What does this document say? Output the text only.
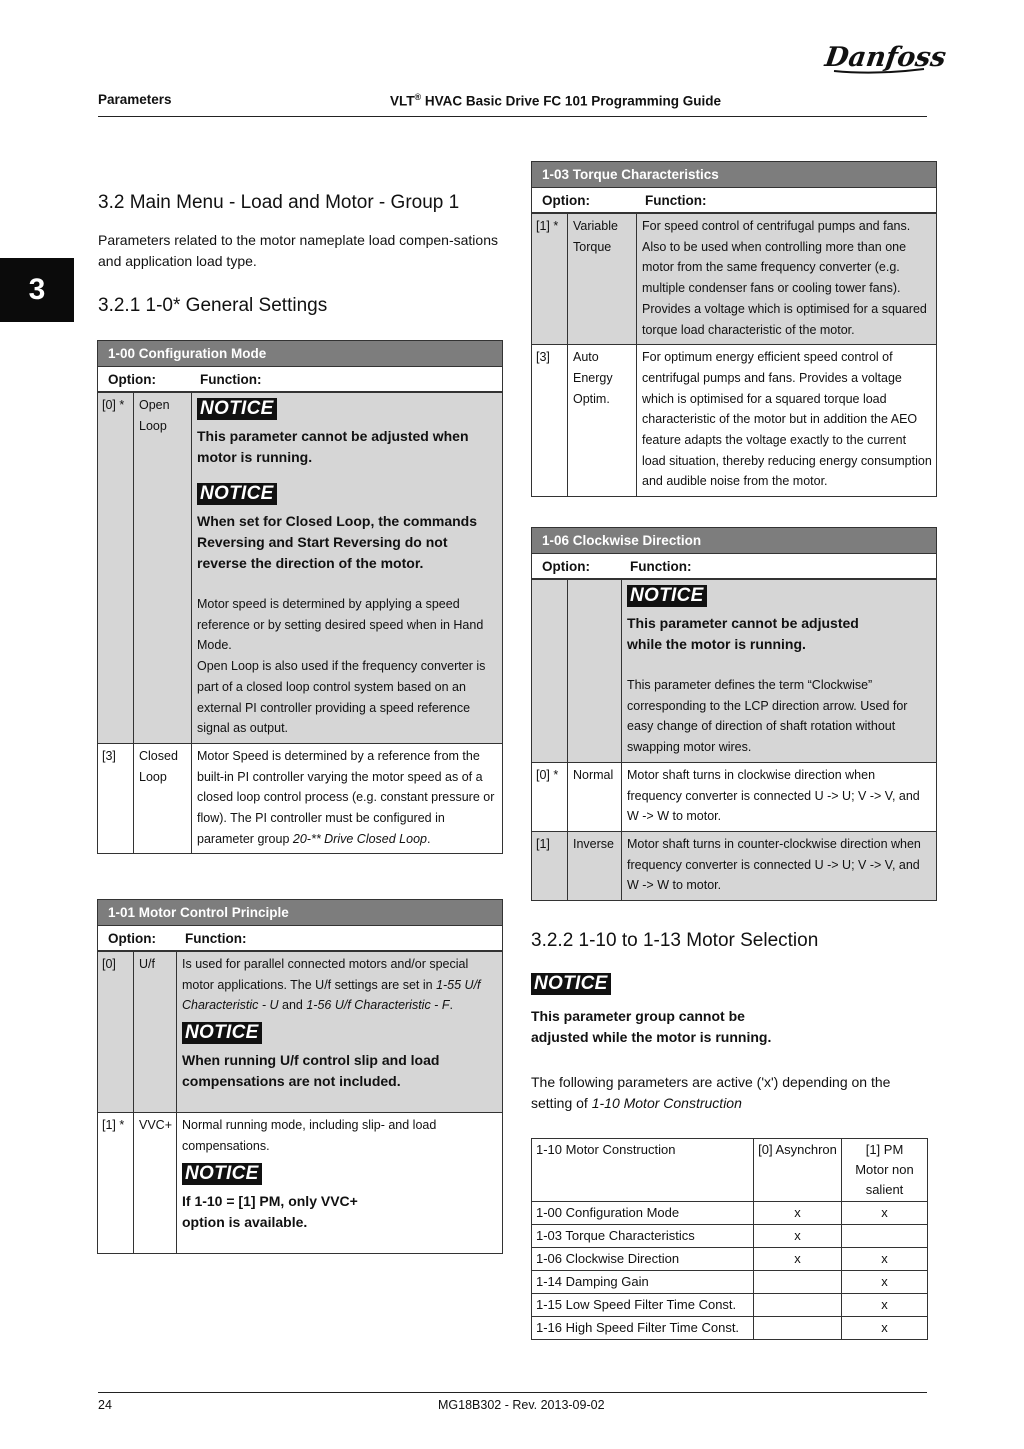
Danfoss
Parameters	VLT® HVAC Basic Drive FC 101 Programming Guide
3
3.2 Main Menu - Load and Motor - Group 1
Parameters related to the motor nameplate load compen-sations and application load type.
3.2.1 1-0* General Settings
1-00 Configuration Mode
Option:	Function:
[0] *	Open Loop
NOTICE
This parameter cannot be adjusted when motor is running.
NOTICE
When set for Closed Loop, the commands Reversing and Start Reversing do not reverse the direction of the motor.
Motor speed is determined by applying a speed reference or by setting desired speed when in Hand Mode.
Open Loop is also used if the frequency converter is part of a closed loop control system based on an external PI controller providing a speed reference signal as output.
[3]	Closed Loop
Motor Speed is determined by a reference from the built-in PI controller varying the motor speed as of a closed loop control process (e.g. constant pressure or flow). The PI controller must be configured in parameter group 20-** Drive Closed Loop.
1-01 Motor Control Principle
Option: Function:
[0]	U/f	Is used for parallel connected motors and/or special motor applications. The U/f settings are set in 1-55 U/f Characteristic - U and 1-56 U/f Characteristic - F. NOTICE
When running U/f control slip and load compensations are not included.
[1] *	VVC+ Normal running mode, including slip- and load compensations.
NOTICE
If 1-10 = [1] PM, only VVC+ option is available.
1-03 Torque Characteristics
Option:	Function:
[1] *	Variable Torque
For speed control of centrifugal pumps and fans. Also to be used when controlling more than one motor from the same frequency converter (e.g. multiple condenser fans or cooling tower fans). Provides a voltage which is optimised for a squared torque load characteristic of the motor.
[3]	Auto Energy Optim.
For optimum energy efficient speed control of centrifugal pumps and fans. Provides a voltage which is optimised for a squared torque load characteristic of the motor but in addition the AEO feature adapts the voltage exactly to the current load situation, thereby reducing energy consumption and audible noise from the motor.
1-06 Clockwise Direction
Option:	Function:
NOTICE
This parameter cannot be adjusted while the motor is running.
This parameter defines the term “Clockwise” corresponding to the LCP direction arrow. Used for easy change of direction of shaft rotation without swapping motor wires.
[0] *	Normal	Motor shaft turns in clockwise direction when frequency converter is connected U -> U; V -> V, and W -> W to motor.
[1]	Inverse	Motor shaft turns in counter-clockwise direction when frequency converter is connected U -> U; V -> V, and W -> W to motor.
3.2.2 1-10 to 1-13 Motor Selection
NOTICE
This parameter group cannot be adjusted while the motor is running.
The following parameters are active ('x') depending on the setting of 1-10 Motor Construction
1-10 Motor Construction	[0] Asynchron	[1] PM Motor non salient
1-00 Configuration Mode	x	x
1-03 Torque Characteristics	x	
1-06 Clockwise Direction	x	x
1-14 Damping Gain		x
1-15 Low Speed Filter Time Const.		x
1-16 High Speed Filter Time Const.		x
24	MG18B302 - Rev. 2013-09-02
